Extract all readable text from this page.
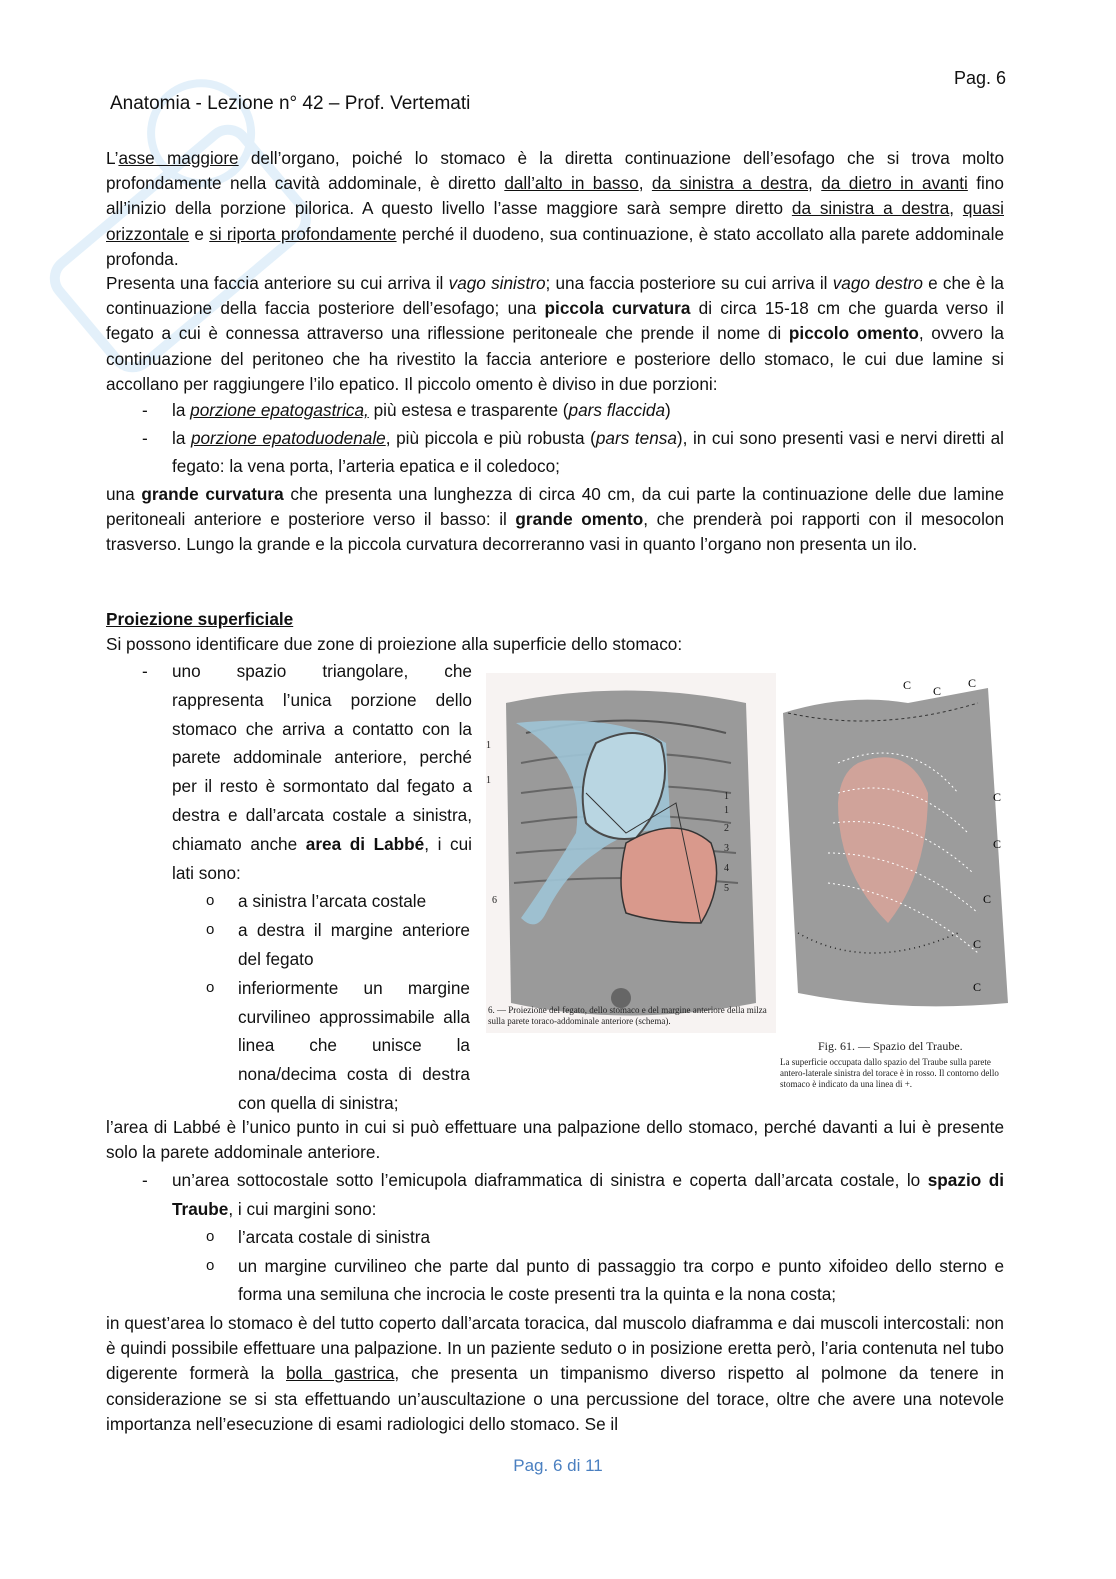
Pag. 6
Anatomia - Lezione n° 42 – Prof. Vertemati
L’asse maggiore dell’organo, poiché lo stomaco è la diretta continuazione dell’esofago che si trova molto profondamente nella cavità addominale, è diretto dall’alto in basso, da sinistra a destra, da dietro in avanti fino all’inizio della porzione pilorica. A questo livello l’asse maggiore sarà sempre diretto da sinistra a destra, quasi orizzontale e si riporta profondamente perché il duodeno, sua continuazione, è stato accollato alla parete addominale profonda.
Presenta una faccia anteriore su cui arriva il vago sinistro; una faccia posteriore su cui arriva il vago destro e che è la continuazione della faccia posteriore dell’esofago; una piccola curvatura di circa 15-18 cm che guarda verso il fegato a cui è connessa attraverso una riflessione peritoneale che prende il nome di piccolo omento, ovvero la continuazione del peritoneo che ha rivestito la faccia anteriore e posteriore dello stomaco, le cui due lamine si accollano per raggiungere l’ilo epatico. Il piccolo omento è diviso in due porzioni:
- la porzione epatogastrica, più estesa e trasparente (pars flaccida)
- la porzione epatoduodenale, più piccola e più robusta (pars tensa), in cui sono presenti vasi e nervi diretti al fegato: la vena porta, l’arteria epatica e il coledoco;
una grande curvatura che presenta una lunghezza di circa 40 cm, da cui parte la continuazione delle due lamine peritoneali anteriore e posteriore verso il basso: il grande omento, che prenderà poi rapporti con il mesocolon trasverso. Lungo la grande e la piccola curvatura decorreranno vasi in quanto l’organo non presenta un ilo.
Proiezione superficiale
Si possono identificare due zone di proiezione alla superficie dello stomaco:
- uno spazio triangolare, che rappresenta l’unica porzione dello stomaco che arriva a contatto con la parete addominale anteriore, perché per il resto è sormontato dal fegato a destra e dall’arcata costale a sinistra, chiamato anche area di Labbé, i cui lati sono:
o a sinistra l’arcata costale
o a destra il margine anteriore del fegato
o inferiormente un margine curvilineo approssimabile alla linea che unisce la nona/decima costa di destra con quella di sinistra;
1
1
1
1
2
3
4
5
6
6. — Proiezione del fegato, dello stomaco e del margine anteriore della milza sulla parete toraco-addominale anteriore (schema).
C C
C
C
C
C
C
C
Fig. 61. — Spazio del Traube.
La superficie occupata dallo spazio del Traube sulla parete antero-laterale sinistra del torace è in rosso. Il contorno dello stomaco è indicato da una linea di +.
l’area di Labbé è l’unico punto in cui si può effettuare una palpazione dello stomaco, perché davanti a lui è presente solo la parete addominale anteriore.
- un’area sottocostale sotto l’emicupola diaframmatica di sinistra e coperta dall’arcata costale, lo spazio di Traube, i cui margini sono:
o l’arcata costale di sinistra
o un margine curvilineo che parte dal punto di passaggio tra corpo e punto xifoideo dello sterno e forma una semiluna che incrocia le coste presenti tra la quinta e la nona costa;
in quest’area lo stomaco è del tutto coperto dall’arcata toracica, dal muscolo diaframma e dai muscoli intercostali: non è quindi possibile effettuare una palpazione. In un paziente seduto o in posizione eretta però, l’aria contenuta nel tubo digerente formerà la bolla gastrica, che presenta un timpanismo diverso rispetto al polmone da tenere in considerazione se si sta effettuando un’auscultazione o una percussione del torace, oltre che avere una notevole importanza nell’esecuzione di esami radiologici dello stomaco. Se il
Pag. 6 di 11
